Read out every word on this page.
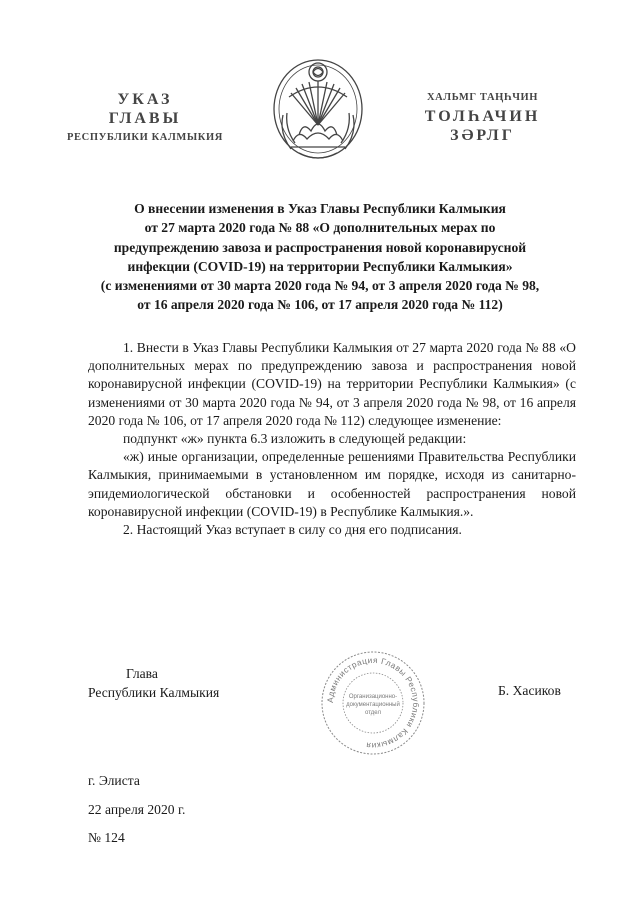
УКАЗ
ГЛАВЫ
РЕСПУБЛИКИ КАЛМЫКИЯ
ХАЛЬМГ ТАҢҺЧИН
ТОЛҺАЧИН
ЗӘРЛГ
О внесении изменения в Указ Главы Республики Калмыкия
от 27 марта 2020 года № 88 «О дополнительных мерах по
предупреждению завоза и распространения новой коронавирусной
инфекции (COVID-19) на территории Республики Калмыкия»
(с изменениями от 30 марта 2020 года № 94, от 3 апреля 2020 года № 98,
от 16 апреля 2020 года № 106, от 17 апреля 2020 года № 112)

1. Внести в Указ Главы Республики Калмыкия от 27 марта 2020 года № 88 «О дополнительных мерах по предупреждению завоза и распространения новой коронавирусной инфекции (COVID-19) на территории Республики Калмыкия» (с изменениями от 30 марта 2020 года № 94, от 3 апреля 2020 года № 98, от 16 апреля 2020 года № 106, от 17 апреля 2020 года № 112) следующее изменение:

подпункт «ж» пункта 6.3 изложить в следующей редакции:

«ж) иные организации, определенные решениями Правительства Республики Калмыкия, принимаемыми в установленном им порядке, исходя из санитарно-эпидемиологической обстановки и особенностей распространения новой коронавирусной инфекции (COVID-19) в Республике Калмыкия.».

2. Настоящий Указ вступает в силу со дня его подписания.

Глава
Республики Калмыкия	Администрация Главы Республики Калмыкия
Организационно-
документационный
отдел
Б. Хасиков
г. Элиста
22 апреля 2020 г.
№ 124
